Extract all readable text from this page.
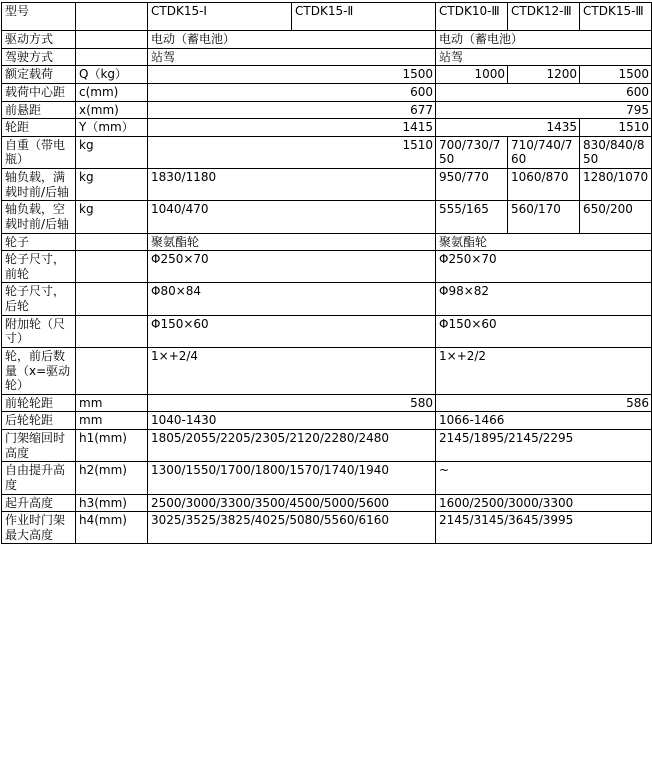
型号		CTDK15-Ⅰ	CTDK15-Ⅱ	CTDK10-Ⅲ	CTDK12-Ⅲ	CTDK15-Ⅲ
驱动方式		电动（蓄电池）		电动（蓄电池）		
驾驶方式		站驾		站驾		
额定载荷	Q（kg）	1500		1000	1200	1500
载荷中心距	c(mm)	600		600		
前悬距	x(mm)	677		795		
轮距	Y（mm）	1415		1435		1510
自重（带电瓶）	kg	1510		700/730/750	710/740/760	830/840/850
轴负载，满载时前/后轴	kg	1830/1180		950/770	1060/870	1280/1070
轴负载，空载时前/后轴	kg	1040/470		555/165	560/170	650/200
轮子		聚氨酯轮		聚氨酯轮		
轮子尺寸，前轮		Φ250×70		Φ250×70		
轮子尺寸，后轮		Φ80×84		Φ98×82		
附加轮（尺寸）		Φ150×60		Φ150×60		
轮，前后数量（x=驱动轮）		1×+2/4		1×+2/2		
前轮轮距	mm	580		586		
后轮轮距	mm	1040-1430		1066-1466		
门架缩回时高度	h1(mm)	1805/2055/2205/2305/2120/2280/2480		2145/1895/2145/2295		
自由提升高度	h2(mm)	1300/1550/1700/1800/1570/1740/1940		~		
起升高度	h3(mm)	2500/3000/3300/3500/4500/5000/5600		1600/2500/3000/3300		
作业时门架最大高度	h4(mm)	3025/3525/3825/4025/5080/5560/6160		2145/3145/3645/3995		
